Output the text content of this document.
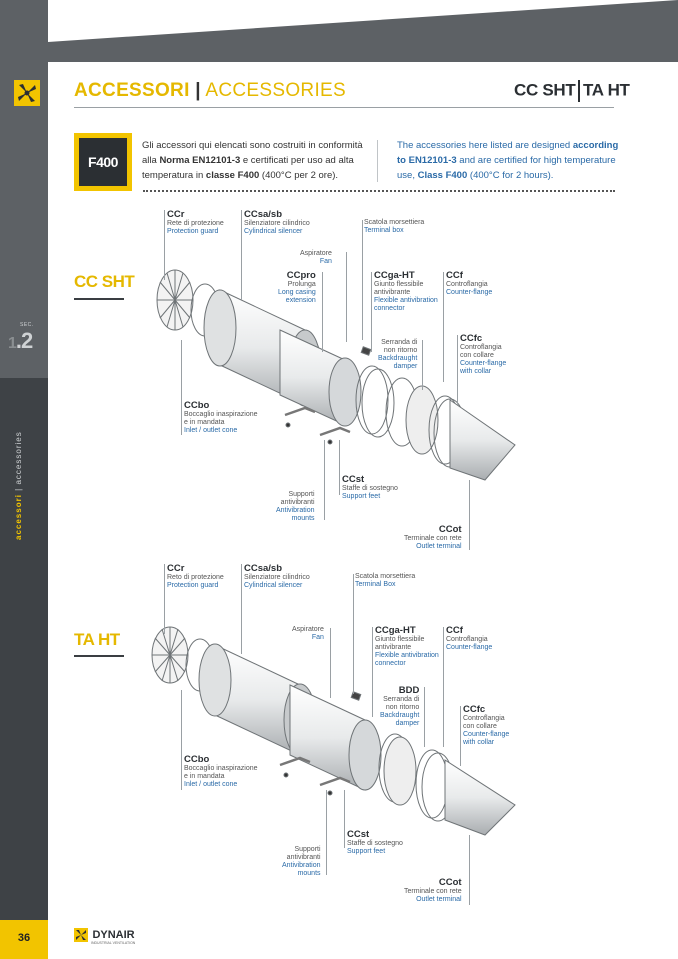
SEC.
1.2
accessori | accessories
36
ACCESSORI | ACCESSORIES	CC SHT TA HT
F400
Gli accessori qui elencati sono costruiti in conformità alla Norma EN12101-3 e certificati per uso ad alta temperatura in classe F400 (400°C per 2 ore).
The accessories here listed are designed according to EN12101-3 and are certified for high temperature use, Class F400 (400°C for 2 hours).
CC SHT
CCr
Rete di protezione
Protection guard
CCsa/sb
Silenziatore cilindrico
Cylindrical silencer
Scatola morsettiera
Terminal box
Aspiratore
Fan
CCpro
Prolunga
Long casing
extension
CCga-HT
Giunto flessibile
antivibrante
Flexible antivibration
connector
CCf
Controflangia
Counter-flange
CCfc
Controflangia
con collare
Counter-flange
with collar
Serranda di
non ritorno
Backdraught
damper
CCbo
Boccaglio inaspirazione
e in mandata
Inlet / outlet cone
CCst
Staffe di sostegno
Support feet
Supporti
antivibranti
Antivibration
mounts
CCot
Terminale con rete
Outlet terminal
TA HT
CCr
Reto di protezione
Protection guard
CCsa/sb
Silenziatore cilindrico
Cylindrical silencer
Scatola morsettiera
Terminal Box
Aspiratore
Fan
CCga-HT
Giunto flessibile
antivibrante
Flexible antivibration
connector
CCf
Controflangia
Counter-flange
BDD
Serranda di
non ritorno
Backdraught
damper
CCfc
Controflangia
con collare
Counter-flange
with collar
CCbo
Boccaglio inaspirazione
e in mandata
Inlet / outlet cone
CCst
Staffe di sostegno
Support feet
Supporti
antivibranti
Antivibration
mounts
CCot
Terminale con rete
Outlet terminal
DYNAIR
INDUSTRIAL VENTILATION
